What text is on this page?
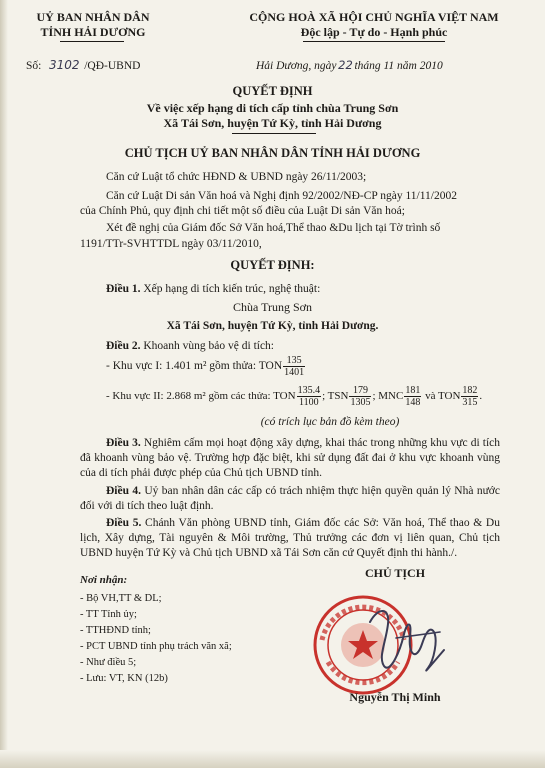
UỶ BAN NHÂN DÂN
TỈNH HẢI DƯƠNG
Số: 3102 /QĐ-UBND
CỘNG HOÀ XÃ HỘI CHỦ NGHĨA VIỆT NAM
Độc lập - Tự do - Hạnh phúc
Hải Dương, ngày 22 tháng 11 năm 2010
QUYẾT ĐỊNH
Về việc xếp hạng di tích cấp tỉnh chùa Trung Sơn
Xã Tái Sơn, huyện Tứ Kỳ, tỉnh Hải Dương
CHỦ TỊCH UỶ BAN NHÂN DÂN TỈNH HẢI DƯƠNG
Căn cứ Luật tổ chức HĐND & UBND ngày 26/11/2003;
Căn cứ Luật Di sản Văn hoá và Nghị định 92/2002/NĐ-CP ngày 11/11/2002
của Chính Phủ, quy định chi tiết một số điều của Luật Di sản Văn hoá;
Xét đề nghị của Giám đốc Sở Văn hoá,Thể thao &Du lịch tại Tờ trình số
1191/TTr-SVHTTDL ngày 03/11/2010,
QUYẾT ĐỊNH:
Điều 1. Xếp hạng di tích kiến trúc, nghệ thuật:
Chùa Trung Sơn
Xã Tái Sơn, huyện Tứ Kỳ, tỉnh Hải Dương.
Điều 2. Khoanh vùng bảo vệ di tích:
- Khu vực I: 1.401 m² gồm thửa: TON $\frac{135}{1401}$
- Khu vực II: 2.868 m² gồm các thửa: TON $\frac{135.4}{1100}$ ; TSN $\frac{179}{1305}$ ; MNC $\frac{181}{148}$ và TON $\frac{182}{315}$ .
(có trích lục bản đồ kèm theo)
Điều 3. Nghiêm cấm mọi hoạt động xây dựng, khai thác trong những khu vực di tích đã khoanh vùng bảo vệ. Trường hợp đặc biệt, khi sử dụng đất đai ở khu vực khoanh vùng của di tích phải được phép của Chủ tịch UBND tỉnh.
Điều 4. Uỷ ban nhân dân các cấp có trách nhiệm thực hiện quyền quản lý Nhà nước đối với di tích theo luật định.
Điều 5. Chánh Văn phòng UBND tỉnh, Giám đốc các Sở: Văn hoá, Thể thao & Du lịch, Xây dựng, Tài nguyên & Môi trường, Thủ trưởng các đơn vị liên quan, Chủ tịch UBND huyện Tứ Kỳ và Chủ tịch UBND xã Tái Sơn căn cứ Quyết định thi hành./.
Nơi nhận:
- Bộ VH,TT & DL;
- TT Tỉnh ủy;
- TTHĐND tỉnh;
- PCT UBND tỉnh phụ trách văn xã;
- Như điều 5;
- Lưu: VT, KN (12b)
CHỦ TỊCH
Nguyễn Thị Minh
